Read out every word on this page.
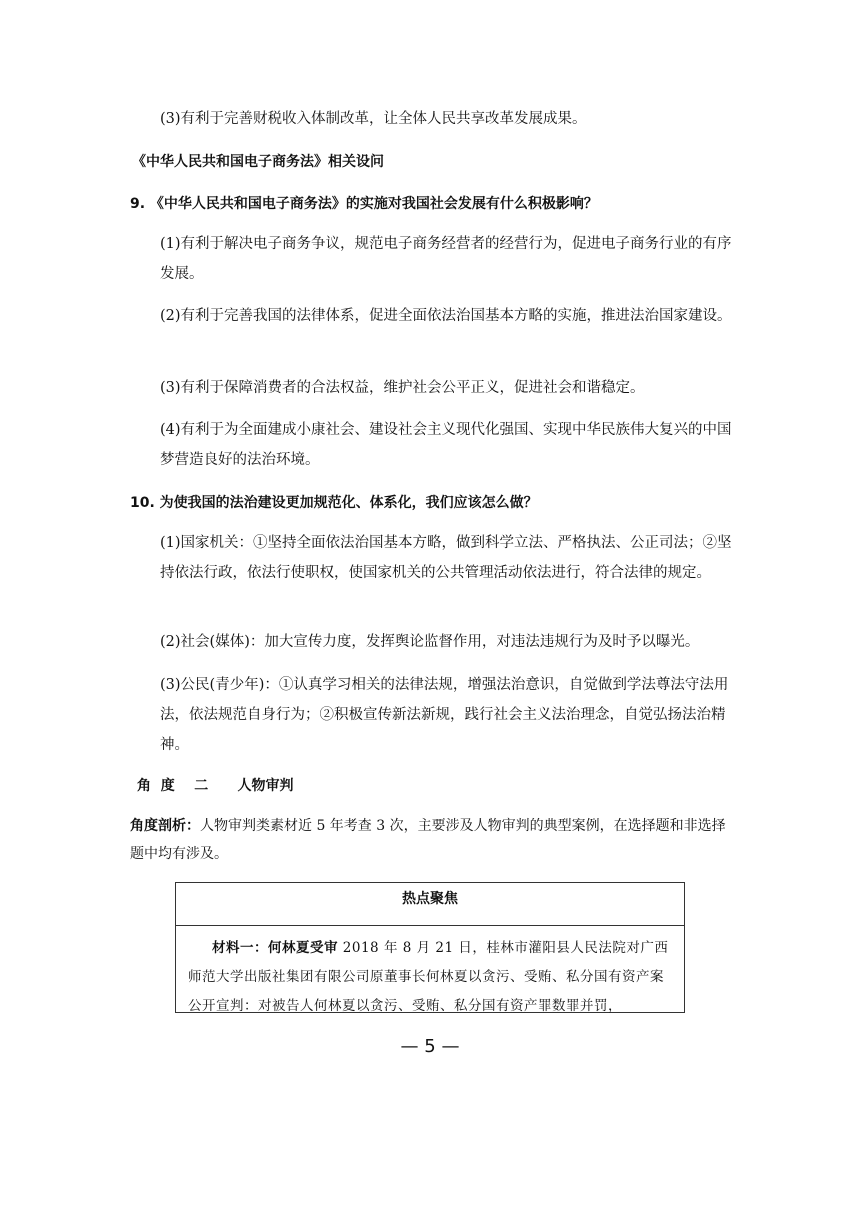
(3)有利于完善财税收入体制改革，让全体人民共享改革发展成果。
《中华人民共和国电子商务法》相关设问
9. 《中华人民共和国电子商务法》的实施对我国社会发展有什么积极影响？
(1)有利于解决电子商务争议，规范电子商务经营者的经营行为，促进电子商务行业的有序发展。
(2)有利于完善我国的法律体系，促进全面依法治国基本方略的实施，推进法治国家建设。
(3)有利于保障消费者的合法权益，维护社会公平正义，促进社会和谐稳定。
(4)有利于为全面建成小康社会、建设社会主义现代化强国、实现中华民族伟大复兴的中国梦营造良好的法治环境。
10. 为使我国的法治建设更加规范化、体系化，我们应该怎么做？
(1)国家机关：①坚持全面依法治国基本方略，做到科学立法、严格执法、公正司法；②坚持依法行政，依法行使职权，使国家机关的公共管理活动依法进行，符合法律的规定。
(2)社会(媒体)：加大宣传力度，发挥舆论监督作用，对违法违规行为及时予以曝光。
(3)公民(青少年)：①认真学习相关的法律法规，增强法治意识，自觉做到学法尊法守法用法，依法规范自身行为；②积极宣传新法新规，践行社会主义法治理念，自觉弘扬法治精神。
角  度    二      人物审判
角度剖析：人物审判类素材近 5 年考查 3 次，主要涉及人物审判的典型案例，在选择题和非选择题中均有涉及。
热点聚焦
材料一：何林夏受审 2018 年 8 月 21 日，桂林市灌阳县人民法院对广西师范大学出版社集团有限公司原董事长何林夏以贪污、受贿、私分国有资产案公开宣判：对被告人何林夏以贪污、受贿、私分国有资产罪数罪并罚，
— 5 —
